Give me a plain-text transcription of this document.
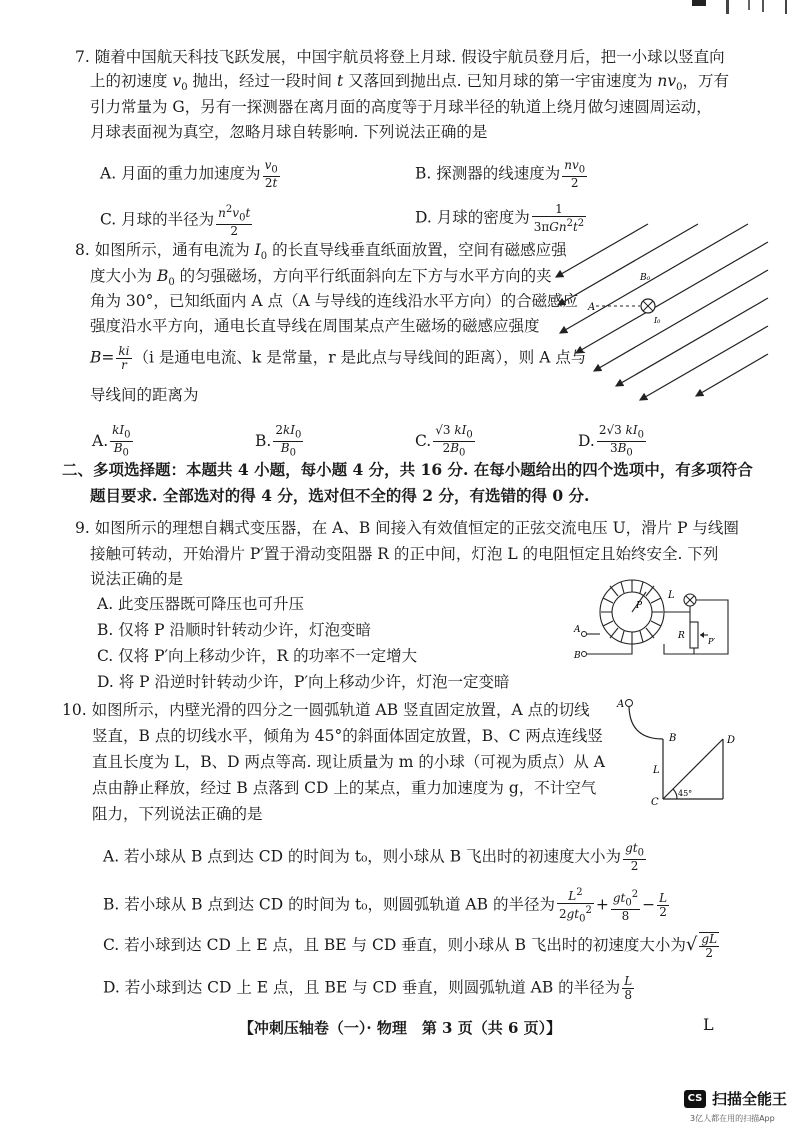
7. 随着中国航天科技飞跃发展，中国宇航员将登上月球. 假设宇航员登月后，把一小球以竖直向
上的初速度 $v_0$ 抛出，经过一段时间 t 又落回到抛出点. 已知月球的第一宇宙速度为 $nv_0$，万有
引力常量为 G，另有一探测器在离月面的高度等于月球半径的轨道上绕月做匀速圆周运动，
月球表面视为真空，忽略月球自转影响. 下列说法正确的是
A. 月面的重力加速度为 $\frac{v_0}{2t}$	B. 探测器的线速度为 $\frac{nv_0}{2}$
C. 月球的半径为 $\frac{n^2v_0t}{2}$	D. 月球的密度为 $\frac{1}{3\pi Gn^2t^2}$
8. 如图所示，通有电流为 $I_0$ 的长直导线垂直纸面放置，空间有磁感应强
度大小为 $B_0$ 的匀强磁场，方向平行纸面斜向左下方与水平方向的夹
角为 30°，已知纸面内 A 点（A 与导线的连线沿水平方向）的合磁感应
强度沿水平方向，通电长直导线在周围某点产生磁场的磁感应强度
$B= \frac{ki}{r} (i$ 是通电电流、k 是常量，r 是此点与导线间的距离），则 A 点与
导线间的距离为
A. $\frac{kI_0}{B_0}$	B. $\frac{2kI_0}{B_0}$	C. $\frac{√3 kI_0}{2B_0}$	D. $\frac{2√3 kI_0}{3B_0}$
B₀
I₀
A
二、多项选择题：本题共 4 小题，每小题 4 分，共 16 分. 在每小题给出的四个选项中，有多项符合
题目要求. 全部选对的得 4 分，选对但不全的得 2 分，有选错的得 0 分.
9. 如图所示的理想自耦式变压器，在 A、B 间接入有效值恒定的正弦交流电压 U，滑片 P 与线圈
接触可转动，开始滑片 P′置于滑动变阻器 R 的正中间，灯泡 L 的电阻恒定且始终安全. 下列
说法正确的是
A. 此变压器既可降压也可升压
B. 仅将 P 沿顺时针转动少许，灯泡变暗
C. 仅将 P′向上移动少许，R 的功率不一定增大
D. 将 P 沿逆时针转动少许，P′向上移动少许，灯泡一定变暗
P
L
R
P′
A
B
10. 如图所示，内壁光滑的四分之一圆弧轨道 AB 竖直固定放置，A 点的切线
竖直，B 点的切线水平，倾角为 45°的斜面体固定放置，B、C 两点连线竖
直且长度为 L，B、D 两点等高. 现让质量为 m 的小球（可视为质点）从 A
点由静止释放，经过 B 点落到 CD 上的某点，重力加速度为 g，不计空气
阻力，下列说法正确的是
A. 若小球从 B 点到达 CD 的时间为 t₀，则小球从 B 飞出时的初速度大小为 $\frac{gt_0}{2}$
B. 若小球从 B 点到达 CD 的时间为 t₀，则圆弧轨道 AB 的半径为 $\frac{L^2}{2gt_0^2} + \frac{gt_0^2}{8} - \frac{L}{2}$
C. 若小球到达 CD 上 E 点，且 BE 与 CD 垂直，则小球从 B 飞出时的初速度大小为√ $\frac{gL}{2}$
D. 若小球到达 CD 上 E 点，且 BE 与 CD 垂直，则圆弧轨道 AB 的半径为 $\frac{L}{8}$
A
B
C
D
L
45°
【冲刺压轴卷（一）· 物理　第 3 页（共 6 页）】	L
CS 扫描全能王
3亿人都在用的扫描App
